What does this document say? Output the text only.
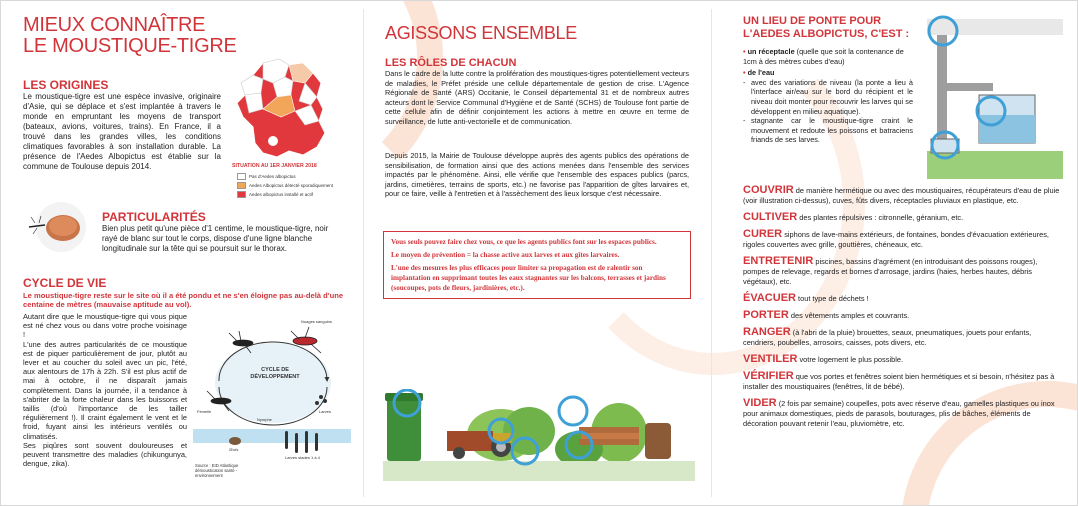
MIEUX CONNAÎTRE
LE MOUSTIQUE-TIGRE
LES ORIGINES
Le moustique-tigre est une espèce invasive, originaire d'Asie, qui se déplace et s'est implantée à travers le monde en empruntant les moyens de transport (bateaux, avions, voitures, trains). En France, il a trouvé dans les grandes villes, les conditions climatiques favorables à son installation durable. La présence de l'Aedes Albopictus est établie sur la commune de Toulouse depuis 2014.	SITUATION AU 1ER JANVIER 2018
Pas d'Aedes albopictus
Aedes Albopictus détecté sporadiquement
Aedes albopictus installé et actif
PARTICULARITÉS
Bien plus petit qu'une pièce d'1 centime, le moustique-tigre, noir rayé de blanc sur tout le corps, dispose d'une ligne blanche longitudinale sur la tête qui se poursuit sur le thorax.
CYCLE DE VIE
Le moustique-tigre reste sur le site où il a été pondu et ne s'en éloigne pas au-delà d'une centaine de mètres (mauvaise aptitude au vol).
Autant dire que le moustique-tigre qui vous pique est né chez vous ou dans votre proche voisinage !
L'une des autres particularités de ce moustique est de piquer particulièrement de jour, plutôt au lever et au coucher du soleil avec un pic, l'été, aux alentours de 17h à 22h. S'il est plus actif de mai à octobre, il ne disparaît jamais complètement. Dans la journée, il a tendance à s'abriter de la forte chaleur dans les buissons et taillis (d'où l'importance de les tailler régulièrement !). Il craint également le vent et le froid, fuyant ainsi les intérieurs ventilés ou climatisés.
Ses piqûres sont souvent douloureuses et peuvent transmettre des maladies (chikungunya, dengue, zika).
CYCLE DE DÉVELOPPEMENT
Nuages sanguins
Fémelle
Œufs
Larves
Nymphe
Larves stades 1 à 4
Source : EID Atlantique démoustication santé - environnement
AGISSONS ENSEMBLE
LES RÔLES DE CHACUN
Dans le cadre de la lutte contre la prolifération des moustiques-tigres potentiellement vecteurs de maladies, le Préfet préside une cellule départementale de gestion de crise. L'Agence Régionale de Santé (ARS) Occitanie, le Conseil départemental 31 et de nombreux autres acteurs dont le Service Communal d'Hygiène et de Santé (SCHS) de Toulouse font partie de cette cellule afin de définir conjointement les actions à mettre en œuvre en terme de surveillance, de lutte anti-vectorielle et de communication.
Depuis 2015, la Mairie de Toulouse développe auprès des agents publics des opérations de sensibilisation, de formation ainsi que des actions menées dans l'ensemble des services impactés par le phénomène. Ainsi, elle vérifie que l'ensemble des espaces publics (parcs, jardins, cimetières, terrains de sports, etc.) ne favorise pas l'apparition de gîtes larvaires et, pour ce faire, veille à l'entretien et à l'assèchement des lieux lorsque c'est nécessaire.

Vous seuls pouvez faire chez vous, ce que les agents publics font sur les espaces publics.

Le moyen de prévention = la chasse active aux larves et aux gîtes larvaires.

L'une des mesures les plus efficaces pour limiter sa propagation est de ralentir son implantation en supprimant toutes les eaux stagnantes sur les balcons, terrasses et jardins (soucoupes, pots de fleurs, jardinières, etc.).

UN LIEU DE PONTE POUR
L'AEDES ALBOPICTUS, C'EST :
• un réceptacle (quelle que soit la contenance de 1cm à des mètres cubes d'eau)
• de l'eau
- avec des variations de niveau (la ponte a lieu à l'interface air/eau sur le bord du récipient et le niveau doit monter pour recouvrir les larves qui se développent en milieu aquatique).
- stagnante car le moustique-tigre craint le mouvement et redoute les poissons et batraciens friands de ses larves.

COUVRIR de manière hermétique ou avec des moustiquaires, récupérateurs d'eau de pluie (voir illustration ci-dessus), cuves, fûts divers, réceptacles pluviaux en plastique, etc.

CULTIVER des plantes répulsives : citronnelle, géranium, etc.

CURER siphons de lave-mains extérieurs, de fontaines, bondes d'évacuation extérieures, rigoles couvertes avec grille, gouttières, chéneaux, etc.

ENTRETENIR piscines, bassins d'agrément (en introduisant des poissons rouges), pompes de relevage, regards et bornes d'arrosage, jardins (haies, herbes hautes, débris végétaux), etc.

ÉVACUER tout type de déchets !

PORTER des vêtements amples et couvrants.

RANGER (à l'abri de la pluie) brouettes, seaux, pneumatiques, jouets pour enfants, cendriers, poubelles, arrosoirs, caisses, pots divers, etc.

VENTILER votre logement le plus possible.

VÉRIFIER que vos portes et fenêtres soient bien hermétiques et si besoin, n'hésitez pas à installer des moustiquaires (fenêtres, lit de bébé).

VIDER (2 fois par semaine) coupelles, pots avec réserve d'eau, gamelles plastiques ou inox pour animaux domestiques, pieds de parasols, bouturages, plis de bâches, éléments de décoration pouvant retenir l'eau, pluviomètre, etc.
